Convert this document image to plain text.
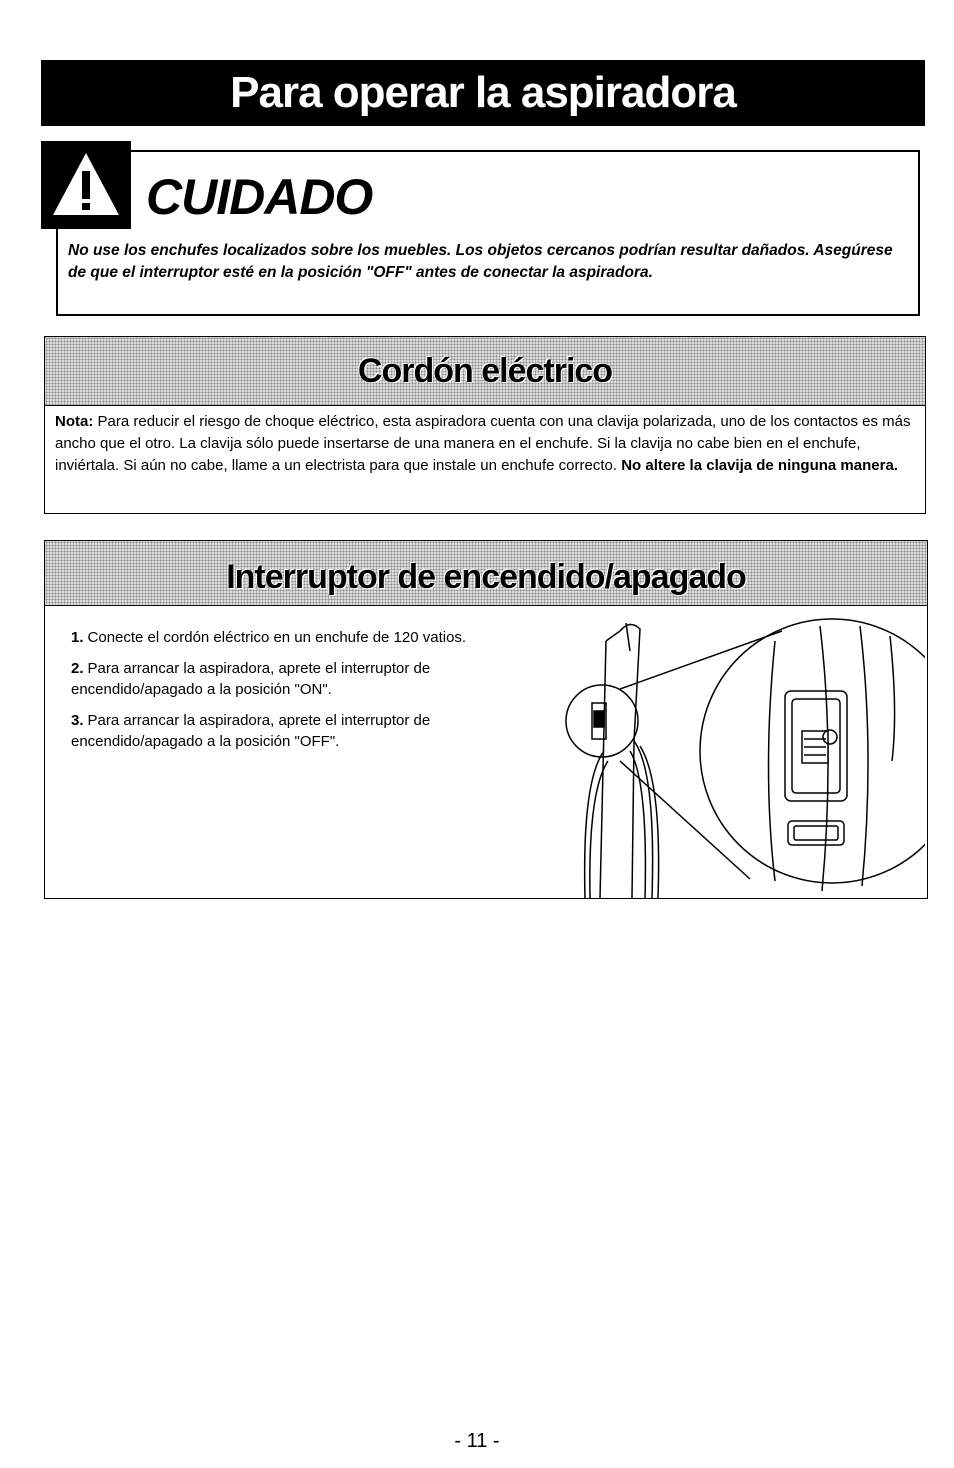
Para operar la aspiradora
CUIDADO
No use los enchufes localizados sobre los muebles. Los objetos cercanos podrían resultar dañados. Asegúrese de que el interruptor esté en la posición "OFF" antes de conectar la aspiradora.
Cordón eléctrico
Nota: Para reducir el riesgo de choque eléctrico, esta aspiradora cuenta con una clavija polarizada, uno de los contactos es más ancho que el otro. La clavija sólo puede insertarse de una manera en el enchufe. Si la clavija no cabe bien en el enchufe, inviértala. Si aún no cabe, llame a un electrista para que instale un enchufe correcto. No altere la clavija de ninguna manera.
Interruptor de encendido/apagado
1. Conecte el cordón eléctrico en un enchufe de 120 vatios.
2. Para arrancar la aspiradora, aprete el interruptor de encendido/apagado a la posición "ON".
3. Para arrancar la aspiradora, aprete el interruptor de encendido/apagado a la posición "OFF".
- 11 -
